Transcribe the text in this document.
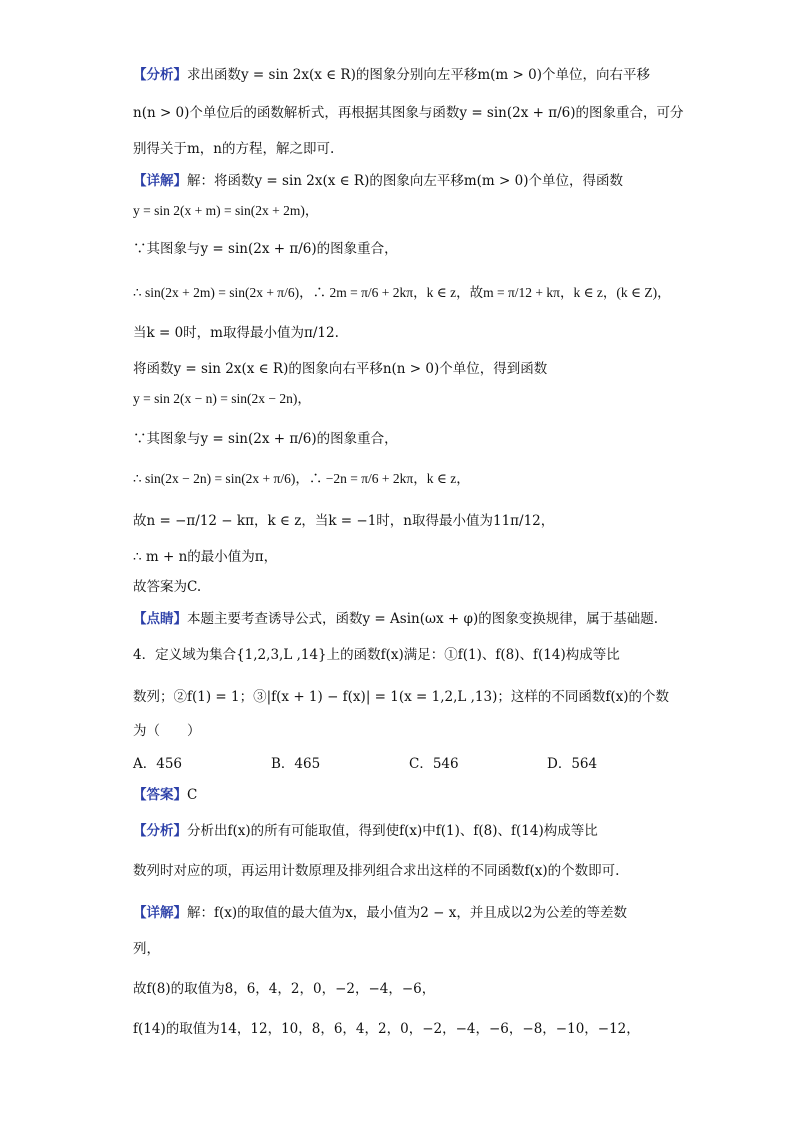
【分析】求出函数y = sin 2x(x ∈ R)的图象分别向左平移m(m > 0)个单位，向右平移
n(n > 0)个单位后的函数解析式，再根据其图象与函数y = sin(2x + π/6)的图象重合，可分
别得关于m，n的方程，解之即可.
【详解】解：将函数y = sin 2x(x ∈ R)的图象向左平移m(m > 0)个单位，得函数
y = sin 2(x + m) = sin(2x + 2m)，
∵其图象与y = sin(2x + π/6)的图象重合，
∴ sin(2x + 2m) = sin(2x + π/6)，∴ 2m = π/6 + 2kπ，k ∈ z，故m = π/12 + kπ，k ∈ z，(k ∈ Z)，
当k = 0时，m取得最小值为π/12.
将函数y = sin 2x(x ∈ R)的图象向右平移n(n > 0)个单位，得到函数
y = sin 2(x − n) = sin(2x − 2n)，
∵其图象与y = sin(2x + π/6)的图象重合，
∴ sin(2x − 2n) = sin(2x + π/6)，∴ −2n = π/6 + 2kπ，k ∈ z，
故n = −π/12 − kπ，k ∈ z，当k = −1时，n取得最小值为11π/12，
∴ m + n的最小值为π，
故答案为C.
【点睛】本题主要考查诱导公式，函数y = Asin(ωx + φ)的图象变换规律，属于基础题.
4．定义域为集合{1,2,3,L ,14}上的函数f(x)满足：①f(1)、f(8)、f(14)构成等比
数列；②f(1) = 1；③|f(x + 1) − f(x)| = 1(x = 1,2,L ,13)；这样的不同函数f(x)的个数
为（　　）
A．456	B．465	C．546	D．564
【答案】C
【分析】分析出f(x)的所有可能取值，得到使f(x)中f(1)、f(8)、f(14)构成等比
数列时对应的项，再运用计数原理及排列组合求出这样的不同函数f(x)的个数即可.
【详解】解：f(x)的取值的最大值为x，最小值为2 − x，并且成以2为公差的等差数
列，
故f(8)的取值为8，6，4，2，0，−2，−4，−6，
f(14)的取值为14，12，10，8，6，4，2，0，−2，−4，−6，−8，−10，−12，
